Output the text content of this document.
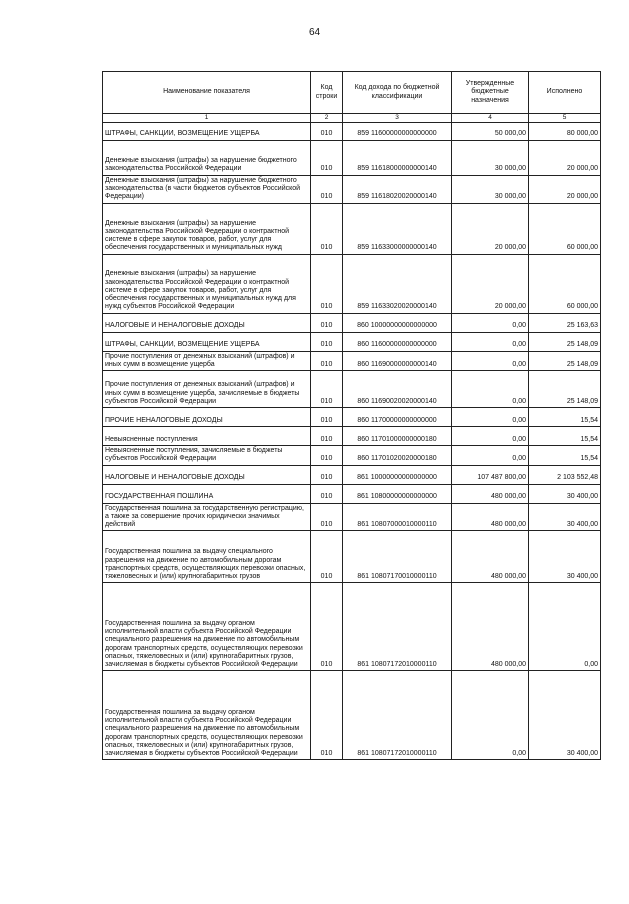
64
Наименование показателя	Код строки	Код дохода по бюджетной классификации	Утвержденные бюджетные назначения	Исполнено
1	2	3	4	5
ШТРАФЫ, САНКЦИИ, ВОЗМЕЩЕНИЕ УЩЕРБА	010	859 11600000000000000	50 000,00	80 000,00
Денежные взыскания (штрафы) за нарушение бюджетного законодательства Российской Федерации	010	859 11618000000000140	30 000,00	20 000,00
Денежные взыскания (штрафы) за нарушение бюджетного законодательства (в части бюджетов субъектов Российской Федерации)	010	859 11618020020000140	30 000,00	20 000,00
Денежные взыскания (штрафы) за нарушение законодательства Российской Федерации о контрактной системе в сфере закупок товаров, работ, услуг для обеспечения государственных и муниципальных нужд	010	859 11633000000000140	20 000,00	60 000,00
Денежные взыскания (штрафы) за нарушение законодательства Российской Федерации о контрактной системе в сфере закупок товаров, работ, услуг для обеспечения государственных и муниципальных нужд для нужд субъектов Российской Федерации	010	859 11633020020000140	20 000,00	60 000,00
НАЛОГОВЫЕ И НЕНАЛОГОВЫЕ ДОХОДЫ	010	860 10000000000000000	0,00	25 163,63
ШТРАФЫ, САНКЦИИ, ВОЗМЕЩЕНИЕ УЩЕРБА	010	860 11600000000000000	0,00	25 148,09
Прочие поступления от денежных взысканий (штрафов) и иных сумм в возмещение ущерба	010	860 11690000000000140	0,00	25 148,09
Прочие поступления от денежных взысканий (штрафов) и иных сумм в возмещение ущерба, зачисляемые в бюджеты субъектов Российской Федерации	010	860 11690020020000140	0,00	25 148,09
ПРОЧИЕ НЕНАЛОГОВЫЕ ДОХОДЫ	010	860 11700000000000000	0,00	15,54
Невыясненные поступления	010	860 11701000000000180	0,00	15,54
Невыясненные поступления, зачисляемые в бюджеты субъектов Российской Федерации	010	860 11701020020000180	0,00	15,54
НАЛОГОВЫЕ И НЕНАЛОГОВЫЕ ДОХОДЫ	010	861 10000000000000000	107 487 800,00	2 103 552,48
ГОСУДАРСТВЕННАЯ ПОШЛИНА	010	861 10800000000000000	480 000,00	30 400,00
Государственная пошлина за государственную регистрацию, а также за совершение прочих юридически значимых действий	010	861 10807000010000110	480 000,00	30 400,00
Государственная пошлина за выдачу специального разрешения на движение по автомобильным дорогам транспортных средств, осуществляющих перевозки опасных, тяжеловесных и (или) крупногабаритных грузов	010	861 10807170010000110	480 000,00	30 400,00
Государственная пошлина за выдачу органом исполнительной власти субъекта Российской Федерации специального разрешения на движение по автомобильным дорогам транспортных средств, осуществляющих перевозки опасных, тяжеловесных и (или) крупногабаритных грузов, зачисляемая в бюджеты субъектов Российской Федерации	010	861 10807172010000110	480 000,00	0,00
Государственная пошлина за выдачу органом исполнительной власти субъекта Российской Федерации специального разрешения на движение по автомобильным дорогам транспортных средств, осуществляющих перевозки опасных, тяжеловесных и (или) крупногабаритных грузов, зачисляемая в бюджеты субъектов Российской Федерации	010	861 10807172010000110	0,00	30 400,00
